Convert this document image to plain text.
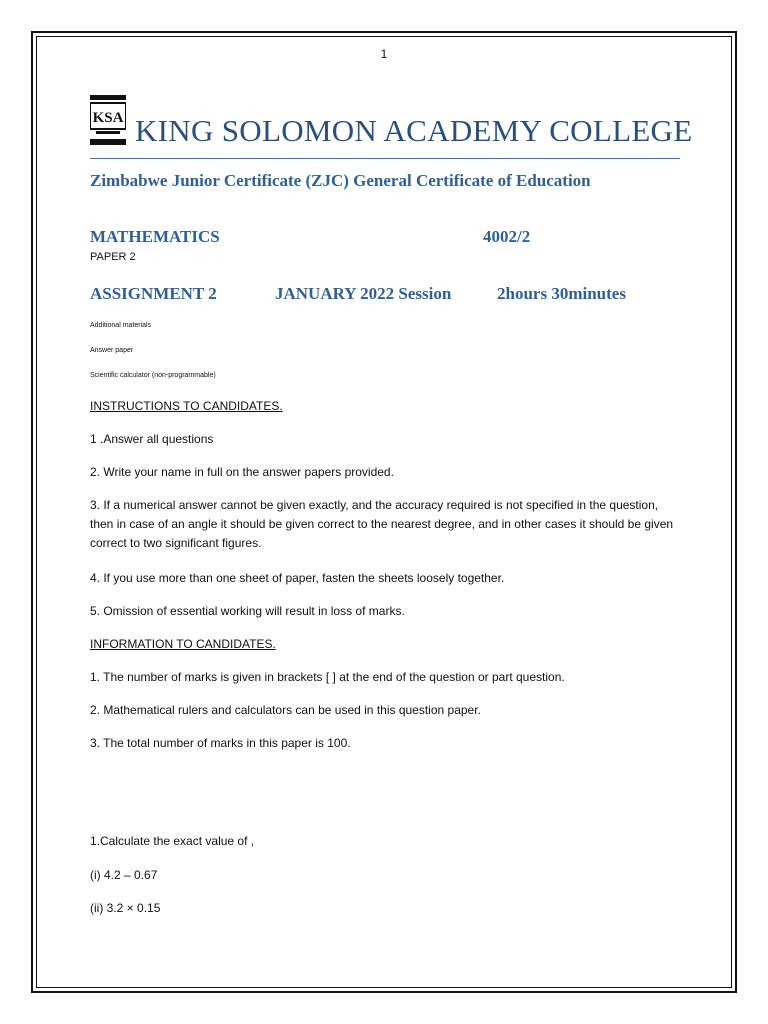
1
KSA KING SOLOMON ACADEMY COLLEGE
Zimbabwe Junior Certificate (ZJC) General Certificate of Education
MATHEMATICS	4002/2
PAPER 2
ASSIGNMENT 2	JANUARY 2022 Session	2hours 30minutes
Additional materials
Answer paper
Scientific calculator (non-programmable)
INSTRUCTIONS TO CANDIDATES.
1 .Answer all questions
2. Write your name in full on the answer papers provided.
3. If a numerical answer cannot be given exactly, and the accuracy required is not specified in the question, then in case of an angle it should be given correct to the nearest degree, and in other cases it should be given correct to two significant figures.
4. If you use more than one sheet of paper, fasten the sheets loosely together.
5. Omission of essential working will result in loss of marks.
INFORMATION TO CANDIDATES.
1. The number of marks is given in brackets [ ] at the end of the question or part question.
2. Mathematical rulers and calculators can be used in this question paper.
3. The total number of marks in this paper is 100.
1.Calculate the exact value of ,
(i) 4.2 – 0.67
(ii) 3.2 × 0.15
